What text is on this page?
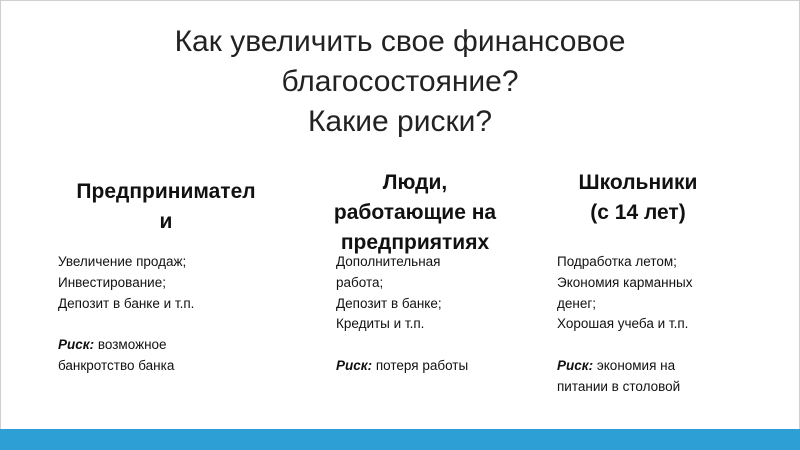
Как увеличить свое финансовое
благосостояние?
Какие риски?
Предпринимател
и
Увеличение продаж;
Инвестирование;
Депозит в банке и т.п.
Риск: возможное
банкротство банка
Люди,
работающие на
предприятиях
Дополнительная
работа;
Депозит в банке;
Кредиты и т.п.
Риск: потеря работы
Школьники
(с 14 лет)
Подработка летом;
Экономия карманных
денег;
Хорошая учеба и т.п.
Риск: экономия на
питании в столовой
